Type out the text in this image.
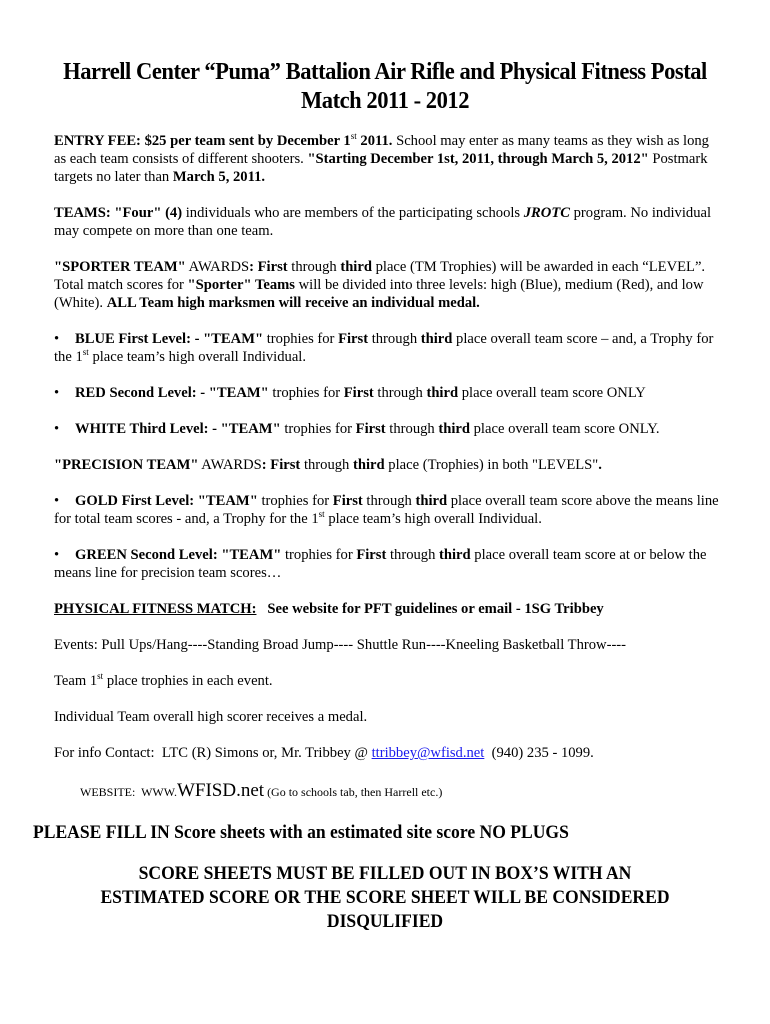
Harrell Center “Puma” Battalion Air Rifle and Physical Fitness Postal
Match 2011 - 2012
ENTRY FEE: $25 per team sent by December 1st 2011. School may enter as many teams as they wish as long as each team consists of different shooters. "Starting December 1st, 2011, through March 5, 2012" Postmark targets no later than March 5, 2011.
TEAMS: "Four" (4) individuals who are members of the participating schools JROTC program. No individual may compete on more than one team.
"SPORTER TEAM" AWARDS: First through third place (TM Trophies) will be awarded in each “LEVEL”. Total match scores for "Sporter" Teams will be divided into three levels: high (Blue), medium (Red), and low (White). ALL Team high marksmen will receive an individual medal.
• BLUE First Level: - "TEAM" trophies for First through third place overall team score – and, a Trophy for the 1st place team’s high overall Individual.
• RED Second Level: - "TEAM" trophies for First through third place overall team score ONLY
• WHITE Third Level: - "TEAM" trophies for First through third place overall team score ONLY.
"PRECISION TEAM" AWARDS: First through third place (Trophies) in both "LEVELS".
• GOLD First Level: "TEAM" trophies for First through third place overall team score above the means line for total team scores - and, a Trophy for the 1st place team’s high overall Individual.
• GREEN Second Level: "TEAM" trophies for First through third place overall team score at or below the means line for precision team scores…
PHYSICAL FITNESS MATCH:   See website for PFT guidelines or email - 1SG Tribbey
Events: Pull Ups/Hang----Standing Broad Jump---- Shuttle Run----Kneeling Basketball Throw----
Team 1st place trophies in each event.
Individual Team overall high scorer receives a medal.
For info Contact:  LTC (R) Simons or, Mr. Tribbey @ ttribbey@wfisd.net  (940) 235 - 1099.
WEBSITE:  WWW.WFISD.net (Go to schools tab, then Harrell etc.)
PLEASE FILL IN Score sheets with an estimated site score NO PLUGS
SCORE SHEETS MUST BE FILLED OUT IN BOX’S WITH AN
ESTIMATED SCORE OR THE SCORE SHEET WILL BE CONSIDERED
DISQULIFIED
